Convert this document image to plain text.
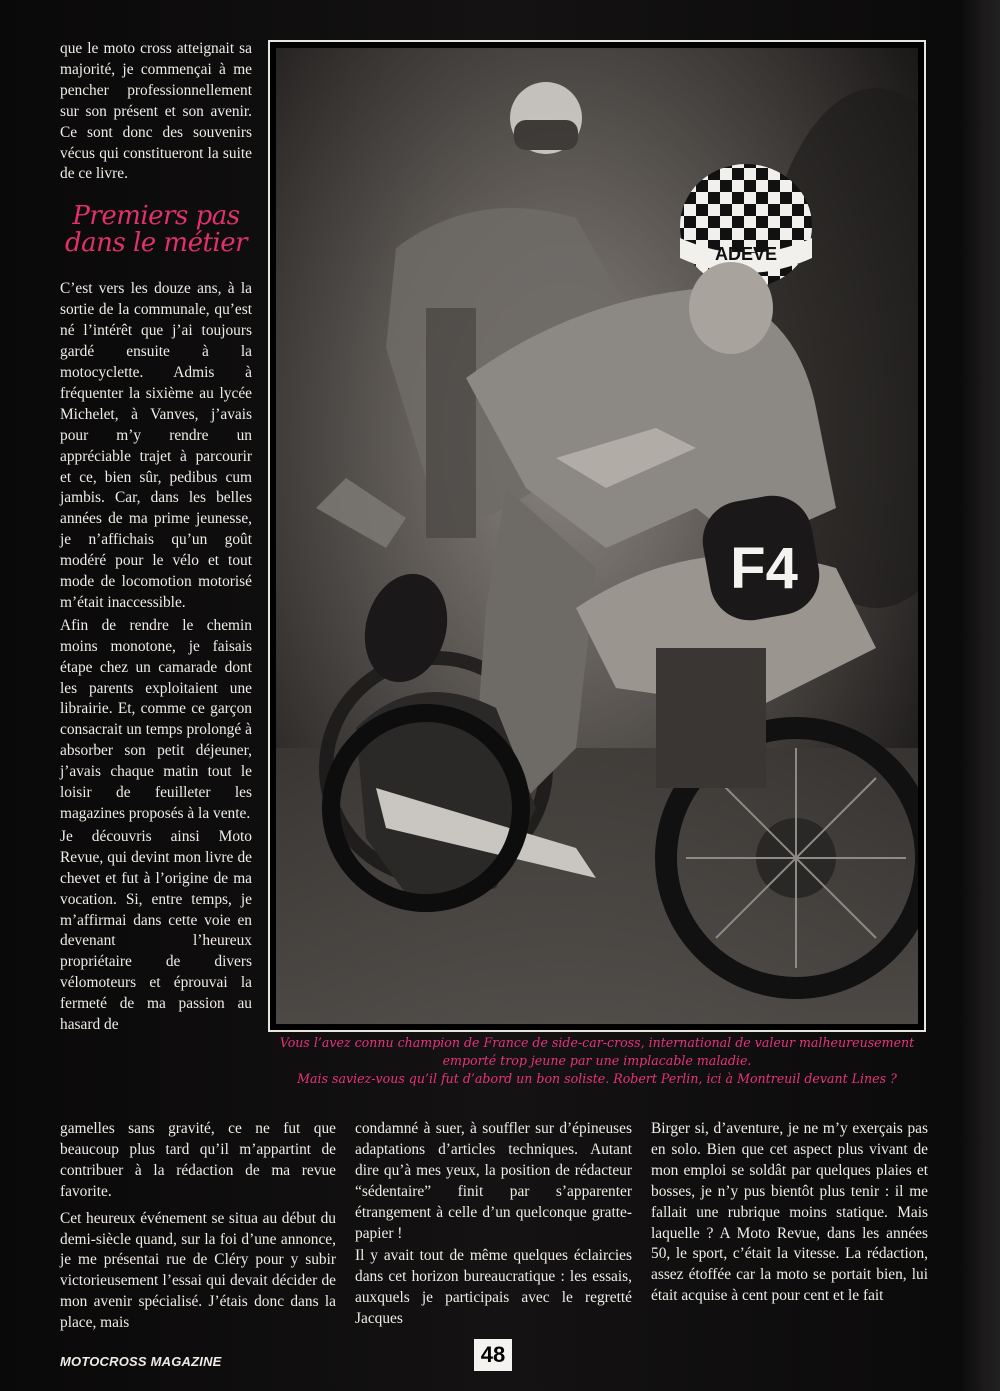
que le moto cross atteignait sa majorité, je commençai à me pencher professionnellement sur son présent et son avenir. Ce sont donc des souvenirs vécus qui constitueront la suite de ce livre.

Premiers pas
dans le métier

C’est vers les douze ans, à la sortie de la communale, qu’est né l’intérêt que j’ai toujours gardé ensuite à la motocyclette. Admis à fréquenter la sixième au lycée Michelet, à Vanves, j’avais pour m’y rendre un appréciable trajet à parcourir et ce, bien sûr, pedibus cum jambis. Car, dans les belles années de ma prime jeunesse, je n’affichais qu’un goût modéré pour le vélo et tout mode de locomotion motorisé m’était inaccessible.

Afin de rendre le chemin moins monotone, je faisais étape chez un camarade dont les parents exploitaient une librairie. Et, comme ce garçon consacrait un temps prolongé à absorber son petit déjeuner, j’avais chaque matin tout le loisir de feuilleter les magazines proposés à la vente.

Je découvris ainsi Moto Revue, qui devint mon livre de chevet et fut à l’origine de ma vocation. Si, entre temps, je m’affirmai dans cette voie en devenant l’heureux propriétaire de divers vélomoteurs et éprouvai la fermeté de ma passion au hasard de

ADEVE
F4

Vous l’avez connu champion de France de side-car-cross, international de valeur malheureusement

emporté trop jeune par une implacable maladie.

Mais saviez-vous qu’il fut d’abord un bon soliste. Robert Perlin, ici à Montreuil devant Lines ?

gamelles sans gravité, ce ne fut que beaucoup plus tard qu’il m’appartint de contribuer à la rédaction de ma revue favorite.

Cet heureux événement se situa au début du demi-siècle quand, sur la foi d’une annonce, je me présentai rue de Cléry pour y subir victorieusement l’essai qui devait décider de mon avenir spécialisé. J’étais donc dans la place, mais

condamné à suer, à souffler sur d’épineuses adaptations d’articles techniques. Autant dire qu’à mes yeux, la position de rédacteur “sédentaire” finit par s’apparenter étrangement à celle d’un quelconque gratte-papier !

Il y avait tout de même quelques éclaircies dans cet horizon bureaucratique : les essais, auxquels je participais avec le regretté Jacques

Birger si, d’aventure, je ne m’y exerçais pas en solo. Bien que cet aspect plus vivant de mon emploi se soldât par quelques plaies et bosses, je n’y pus bientôt plus tenir : il me fallait une rubrique moins statique. Mais laquelle ? A Moto Revue, dans les années 50, le sport, c’était la vitesse. La rédaction, assez étoffée car la moto se portait bien, lui était acquise à cent pour cent et le fait

MOTOCROSS MAGAZINE	48
